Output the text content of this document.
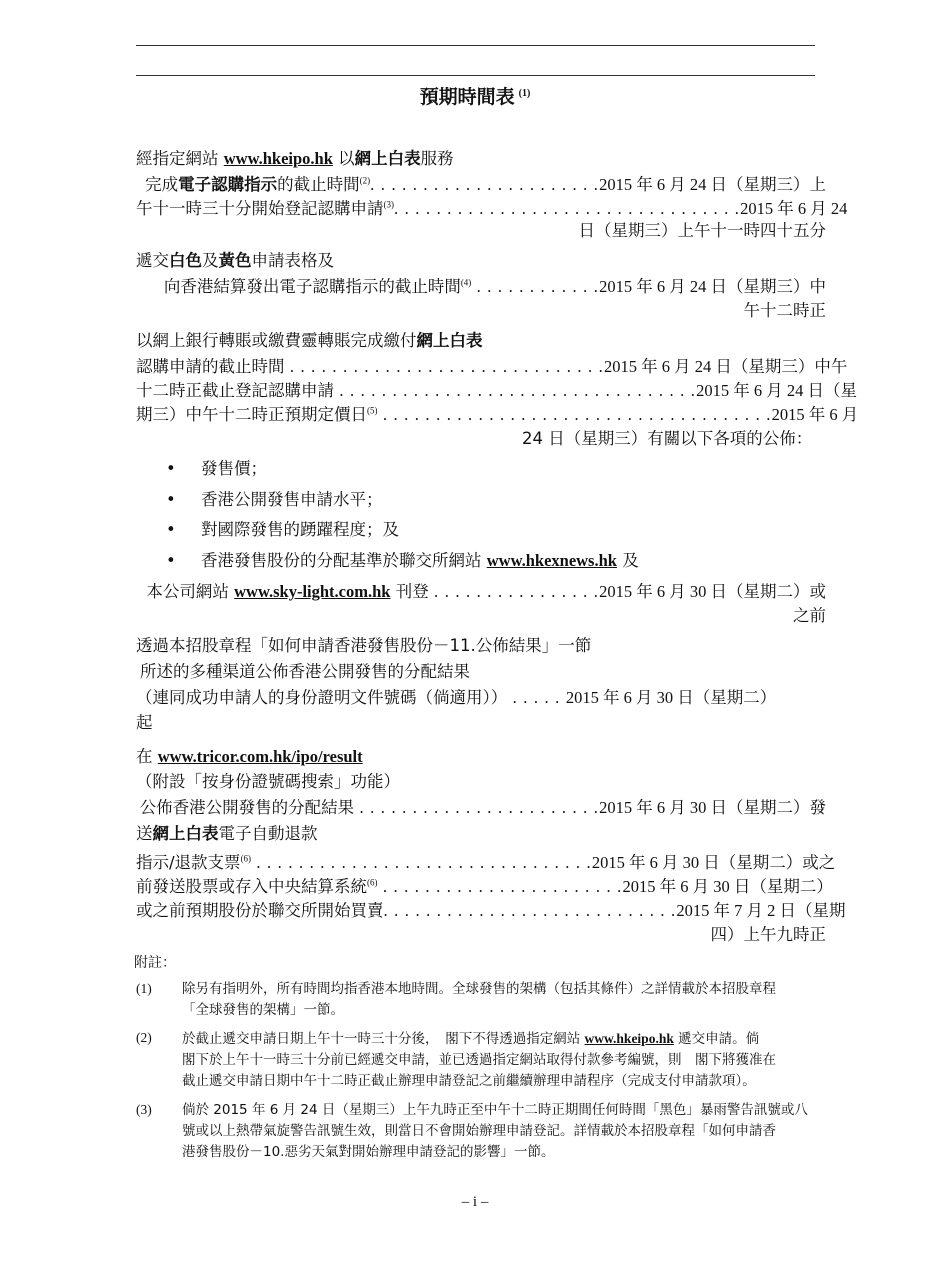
預期時間表 $^{(1)}$
經指定網站 www.hkeipo.hk 以網上白表服務
完成電子認購指示的截止時間$^{(2)}$. . . . . . . . . . . . . . . . . . . . . .2015 年 6 月 24 日（星期三）上
午十一時三十分開始登記認購申請$^{(3)}$. . . . . . . . . . . . . . . . . . . . . . . . . . . . . . . . .2015 年 6 月 24
日（星期三）上午十一時四十五分
遞交白色及黃色申請表格及
向香港結算發出電子認購指示的截止時間$^{(4)}$ . . . . . . . . . . . .2015 年 6 月 24 日（星期三）中
午十二時正
以網上銀行轉賬或繳費靈轉賬完成繳付網上白表
認購申請的截止時間 . . . . . . . . . . . . . . . . . . . . . . . . . . . . . .2015 年 6 月 24 日（星期三）中午
十二時正截止登記認購申請 . . . . . . . . . . . . . . . . . . . . . . . . . . . . . . . . . .2015 年 6 月 24 日（星
期三）中午十二時正預期定價日$^{(5)}$ . . . . . . . . . . . . . . . . . . . . . . . . . . . . . . . . . . . . .2015 年 6 月
24 日（星期三）有關以下各項的公佈：
• 發售價；
• 香港公開發售申請水平；
• 對國際發售的踴躍程度；及
• 香港發售股份的分配基準於聯交所網站 www.hkexnews.hk 及
本公司網站 www.sky-light.com.hk 刊登 . . . . . . . . . . . . . . . .2015 年 6 月 30 日（星期二）或
之前
透過本招股章程「如何申請香港發售股份－11.公佈結果」一節
所述的多種渠道公佈香港公開發售的分配結果
（連同成功申請人的身份證明文件號碼（倘適用）） . . . . . 2015 年 6 月 30 日（星期二）
起
在 www.tricor.com.hk/ipo/result
（附設「按身份證號碼搜索」功能）
公佈香港公開發售的分配結果 . . . . . . . . . . . . . . . . . . . . . . .2015 年 6 月 30 日（星期二）發
送網上白表電子自動退款
指示∕退款支票$^{(6)}$ . . . . . . . . . . . . . . . . . . . . . . . . . . . . . . . .2015 年 6 月 30 日（星期二）或之
前發送股票或存入中央結算系統$^{(6)}$ . . . . . . . . . . . . . . . . . . . . . . .2015 年 6 月 30 日（星期二）
或之前預期股份於聯交所開始買賣. . . . . . . . . . . . . . . . . . . . . . . . . . . .2015 年 7 月 2 日（星期
四）上午九時正
附註：
(1) 除另有指明外，所有時間均指香港本地時間。全球發售的架構（包括其條件）之詳情載於本招股章程
「全球發售的架構」一節。
(2) 於截止遞交申請日期上午十一時三十分後，　閣下不得透過指定網站 www.hkeipo.hk 遞交申請。倘
閣下於上午十一時三十分前已經遞交申請，並已透過指定網站取得付款參考編號，則　閣下將獲准在
截止遞交申請日期中午十二時正截止辦理申請登記之前繼續辦理申請程序（完成支付申請款項）。
(3) 倘於 2015 年 6 月 24 日（星期三）上午九時正至中午十二時正期間任何時間「黑色」暴雨警告訊號或八
號或以上熱帶氣旋警告訊號生效，則當日不會開始辦理申請登記。詳情載於本招股章程「如何申請香
港發售股份－10.惡劣天氣對開始辦理申請登記的影響」一節。
– i –
